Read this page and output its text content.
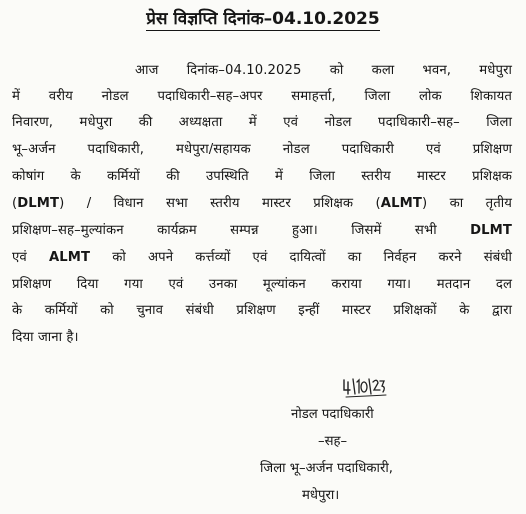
प्रेस विज्ञप्ति दिनांक–04.10.2025
आज दिनांक–04.10.2025 को कला भवन, मधेपुरा
में वरीय नोडल पदाधिकारी–सह–अपर समाहर्त्ता, जिला लोक शिकायत
निवारण, मधेपुरा की अध्यक्षता में एवं नोडल पदाधिकारी–सह– जिला
भू–अर्जन पदाधिकारी, मधेपुरा/सहायक नोडल पदाधिकारी एवं प्रशिक्षण
कोषांग के कर्मियों की उपस्थिति में जिला स्तरीय मास्टर प्रशिक्षक
(DLMT) / विधान सभा स्तरीय मास्टर प्रशिक्षक (ALMT) का तृतीय
प्रशिक्षण–सह–मुल्यांकन कार्यक्रम सम्पन्न हुआ। जिसमें सभी DLMT
एवं ALMT को अपने कर्त्तव्यों एवं दायित्वों का निर्वहन करने संबंधी
प्रशिक्षण दिया गया एवं उनका मूल्यांकन कराया गया। मतदान दल
के कर्मियों को चुनाव संबंधी प्रशिक्षण इन्हीं मास्टर प्रशिक्षकों के द्वारा
दिया जाना है।
नोडल पदाधिकारी
–सह–
जिला भू–अर्जन पदाधिकारी,
मधेपुरा।
